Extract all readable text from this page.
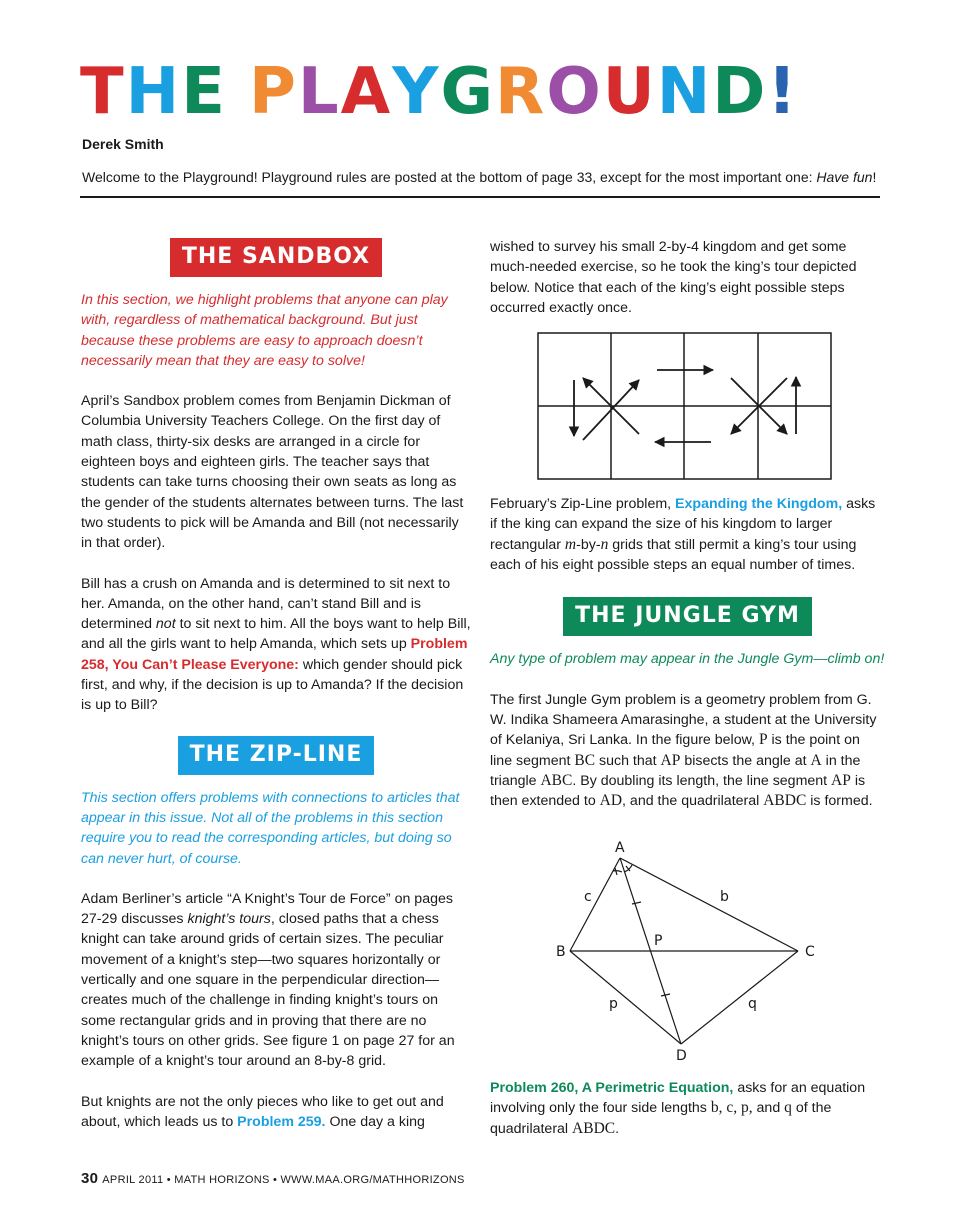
THE PLAYGROUND!
Derek Smith
Welcome to the Playground! Playground rules are posted at the bottom of page 33, except for the most important one: Have fun!
THE SANDBOX

In this section, we highlight problems that anyone can play with, regardless of mathematical background. But just because these problems are easy to approach doesn’t necessarily mean that they are easy to solve!

April’s Sandbox problem comes from Benjamin Dickman of Columbia University Teachers College. On the first day of math class, thirty-six desks are arranged in a circle for eighteen boys and eighteen girls. The teacher says that students can take turns choosing their own seats as long as the gender of the students alternates between turns. The last two students to pick will be Amanda and Bill (not necessarily in that order).

Bill has a crush on Amanda and is determined to sit next to her. Amanda, on the other hand, can’t stand Bill and is determined not to sit next to him. All the boys want to help Bill, and all the girls want to help Amanda, which sets up Problem 258, You Can’t Please Everyone: which gender should pick first, and why, if the decision is up to Amanda? If the decision is up to Bill?

THE ZIP-LINE

This section offers problems with connections to articles that appear in this issue. Not all of the problems in this section require you to read the corresponding articles, but doing so can never hurt, of course.

Adam Berliner’s article “A Knight’s Tour de Force” on pages 27-29 discusses knight’s tours, closed paths that a chess knight can take around grids of certain sizes. The peculiar movement of a knight’s step—two squares horizontally or vertically and one square in the perpendicular direction—creates much of the challenge in finding knight’s tours on some rectangular grids and in proving that there are no knight’s tours on other grids. See figure 1 on page 27 for an example of a knight’s tour around an 8-by-8 grid.

But knights are not the only pieces who like to get out and about, which leads us to Problem 259. One day a king

wished to survey his small 2-by-4 kingdom and get some much-needed exercise, so he took the king’s tour depicted below. Notice that each of the king’s eight possible steps occurred exactly once.

February’s Zip-Line problem, Expanding the Kingdom, asks if the king can expand the size of his kingdom to larger rectangular m-by-n grids that still permit a king’s tour using each of his eight possible steps an equal number of times.

THE JUNGLE GYM

Any type of problem may appear in the Jungle Gym—climb on!

The first Jungle Gym problem is a geometry problem from G. W. Indika Shameera Amarasinghe, a student at the University of Kelaniya, Sri Lanka. In the figure below, P is the point on line segment BC such that AP bisects the angle at A in the triangle ABC. By doubling its length, the line segment AP is then extended to AD, and the quadrilateral ABDC is formed.

Problem 260, A Perimetric Equation, asks for an equation involving only the four side lengths b, c, p, and q of the quadrilateral ABDC.

A
B	C
D
P
b
c
p	q
30 APRIL 2011 • MATH HORIZONS • WWW.MAA.ORG/MATHHORIZONS
